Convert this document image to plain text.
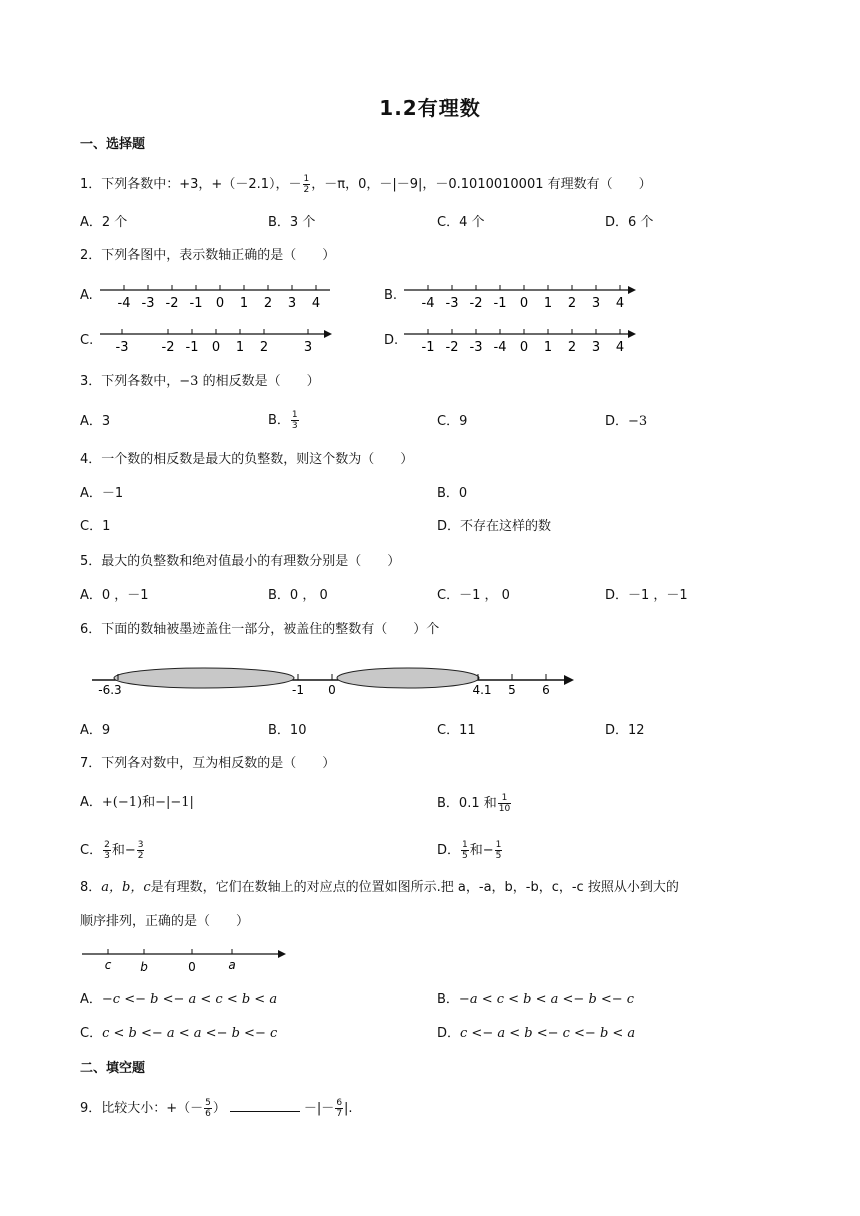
1.2有理数
一、选择题
1．下列各数中：+3，+（－2.1），－ $\frac{1}{2}$ ，－π，0，－|－9|，－0.1010010001 有理数有（　　）
A．2 个	B．3 个	C．4 个	D．6 个
2．下列各图中，表示数轴正确的是（　　）
A.	B.
C.	D.
-4 -3 -2 -1 0 1 2 3 4	-4 -3 -2 -1 0 1 2 3 4
-3	-2 -1 0 1 2	3	-1 -2 -3 -4 0 1 2 3 4
3．下列各数中，−3 的相反数是（　　）
A．3	B． $\frac{1}{3}$	C．9	D．−3
4．一个数的相反数是最大的负整数，则这个数为（　　）
A．－1	B．0
C．1	D．不存在这样的数
5．最大的负整数和绝对值最小的有理数分别是（　　）
A．0 ，－1	B．0 ， 0	C．－1 ， 0	D．－1 ，－1
6．下面的数轴被墨迹盖住一部分，被盖住的整数有（　　）个
-6.3	-1 0	4.1 5 6
A．9	B．10	C．11	D．12
7．下列各对数中，互为相反数的是（　　）
A．+(−1)和−|−1|	B．0.1 和 $\frac{1}{10}$
C． $\frac{2}{3}$ 和− $\frac{3}{2}$	D． $\frac{1}{5}$ 和− $\frac{1}{5}$
8．a，b，c是有理数，它们在数轴上的对应点的位置如图所示.把 a，-a，b，-b，c，-c 按照从小到大的
顺序排列，正确的是（　　）
c b	0	a
A．−c <− b <− a < c < b < a	B．−a < c < b < a <− b <− c
C．c < b <− a < a <− b <− c	D．c <− a < b <− c <− b < a
二、填空题
9．比较大小：+（－ $\frac{5}{6}$ ）	－|－ $\frac{6}{7}$ |.
